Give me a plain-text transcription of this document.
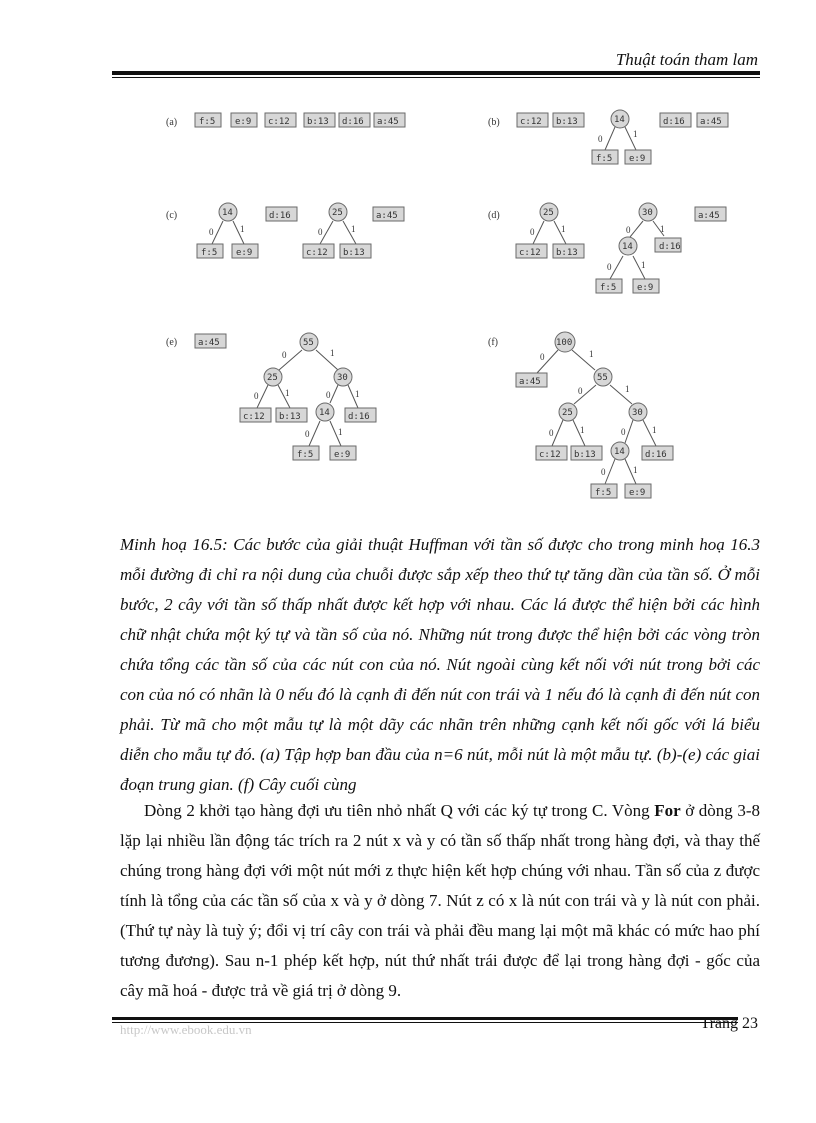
Thuật toán tham lam
(a) f:5 e:9 c:12 b:13 d:16 a:45	(b) c:12 b:13
0	1
14
f:5 e:9
d:16 a:45
(c)
0	1
14
f:5 e:9
d:16
0	1
25
c:12 b:13
a:45	(d)
0	1
25
c:12 b:13
0	1
30
d:16
0	1
14
f:5 e:9
a:45
(e) a:45
0	1
55
0	1
25
c:12 b:13
0	1
30
d:16
0	1
14
f:5 e:9
(f)
0	1
100
a:45
0	1
55
0	1
25
c:12 b:13
0	1
30
d:16
0	1
14
f:5 e:9

Minh hoạ 16.5: Các bước của giải thuật Huffman với tần số được cho trong minh hoạ 16.3 mỗi đường đi chỉ ra nội dung của chuỗi được sắp xếp theo thứ tự tăng dần của tần số. Ở mỗi bước, 2 cây với tần số thấp nhất được kết hợp với nhau. Các lá được thể hiện bởi các hình chữ nhật chứa một ký tự và tần số của nó. Những nút trong được thể hiện bởi các vòng tròn chứa tổng các tần số của các nút con của nó. Nút ngoài cùng kết nối với nút trong bởi các con của nó có nhãn là 0 nếu đó là cạnh đi đến nút con trái và 1 nếu đó là cạnh đi đến nút con phải. Từ mã cho một mẫu tự là một dãy các nhãn trên những cạnh kết nối gốc với lá biểu diễn cho mẫu tự đó. (a) Tập hợp ban đầu của n=6 nút, mỗi nút là một mẫu tự. (b)-(e) các giai đoạn trung gian. (f) Cây cuối cùng

Dòng 2 khởi tạo hàng đợi ưu tiên nhỏ nhất Q với các ký tự trong C. Vòng For ở dòng 3-8 lặp lại nhiều lần động tác trích ra 2 nút x và y có tần số thấp nhất trong hàng đợi, và thay thế chúng trong hàng đợi với một nút mới z thực hiện kết hợp chúng với nhau. Tần số của z được tính là tổng của các tần số của x và y ở dòng 7. Nút z có x là nút con trái và y là nút con phải. (Thứ tự này là tuỳ ý; đổi vị trí cây con trái và phải đều mang lại một mã khác có mức hao phí tương đương). Sau n-1 phép kết hợp, nút thứ nhất trái được để lại trong hàng đợi - gốc của cây mã hoá - được trả về giá trị ở dòng 9.

http://www.ebook.edu.vn	Trang 23
